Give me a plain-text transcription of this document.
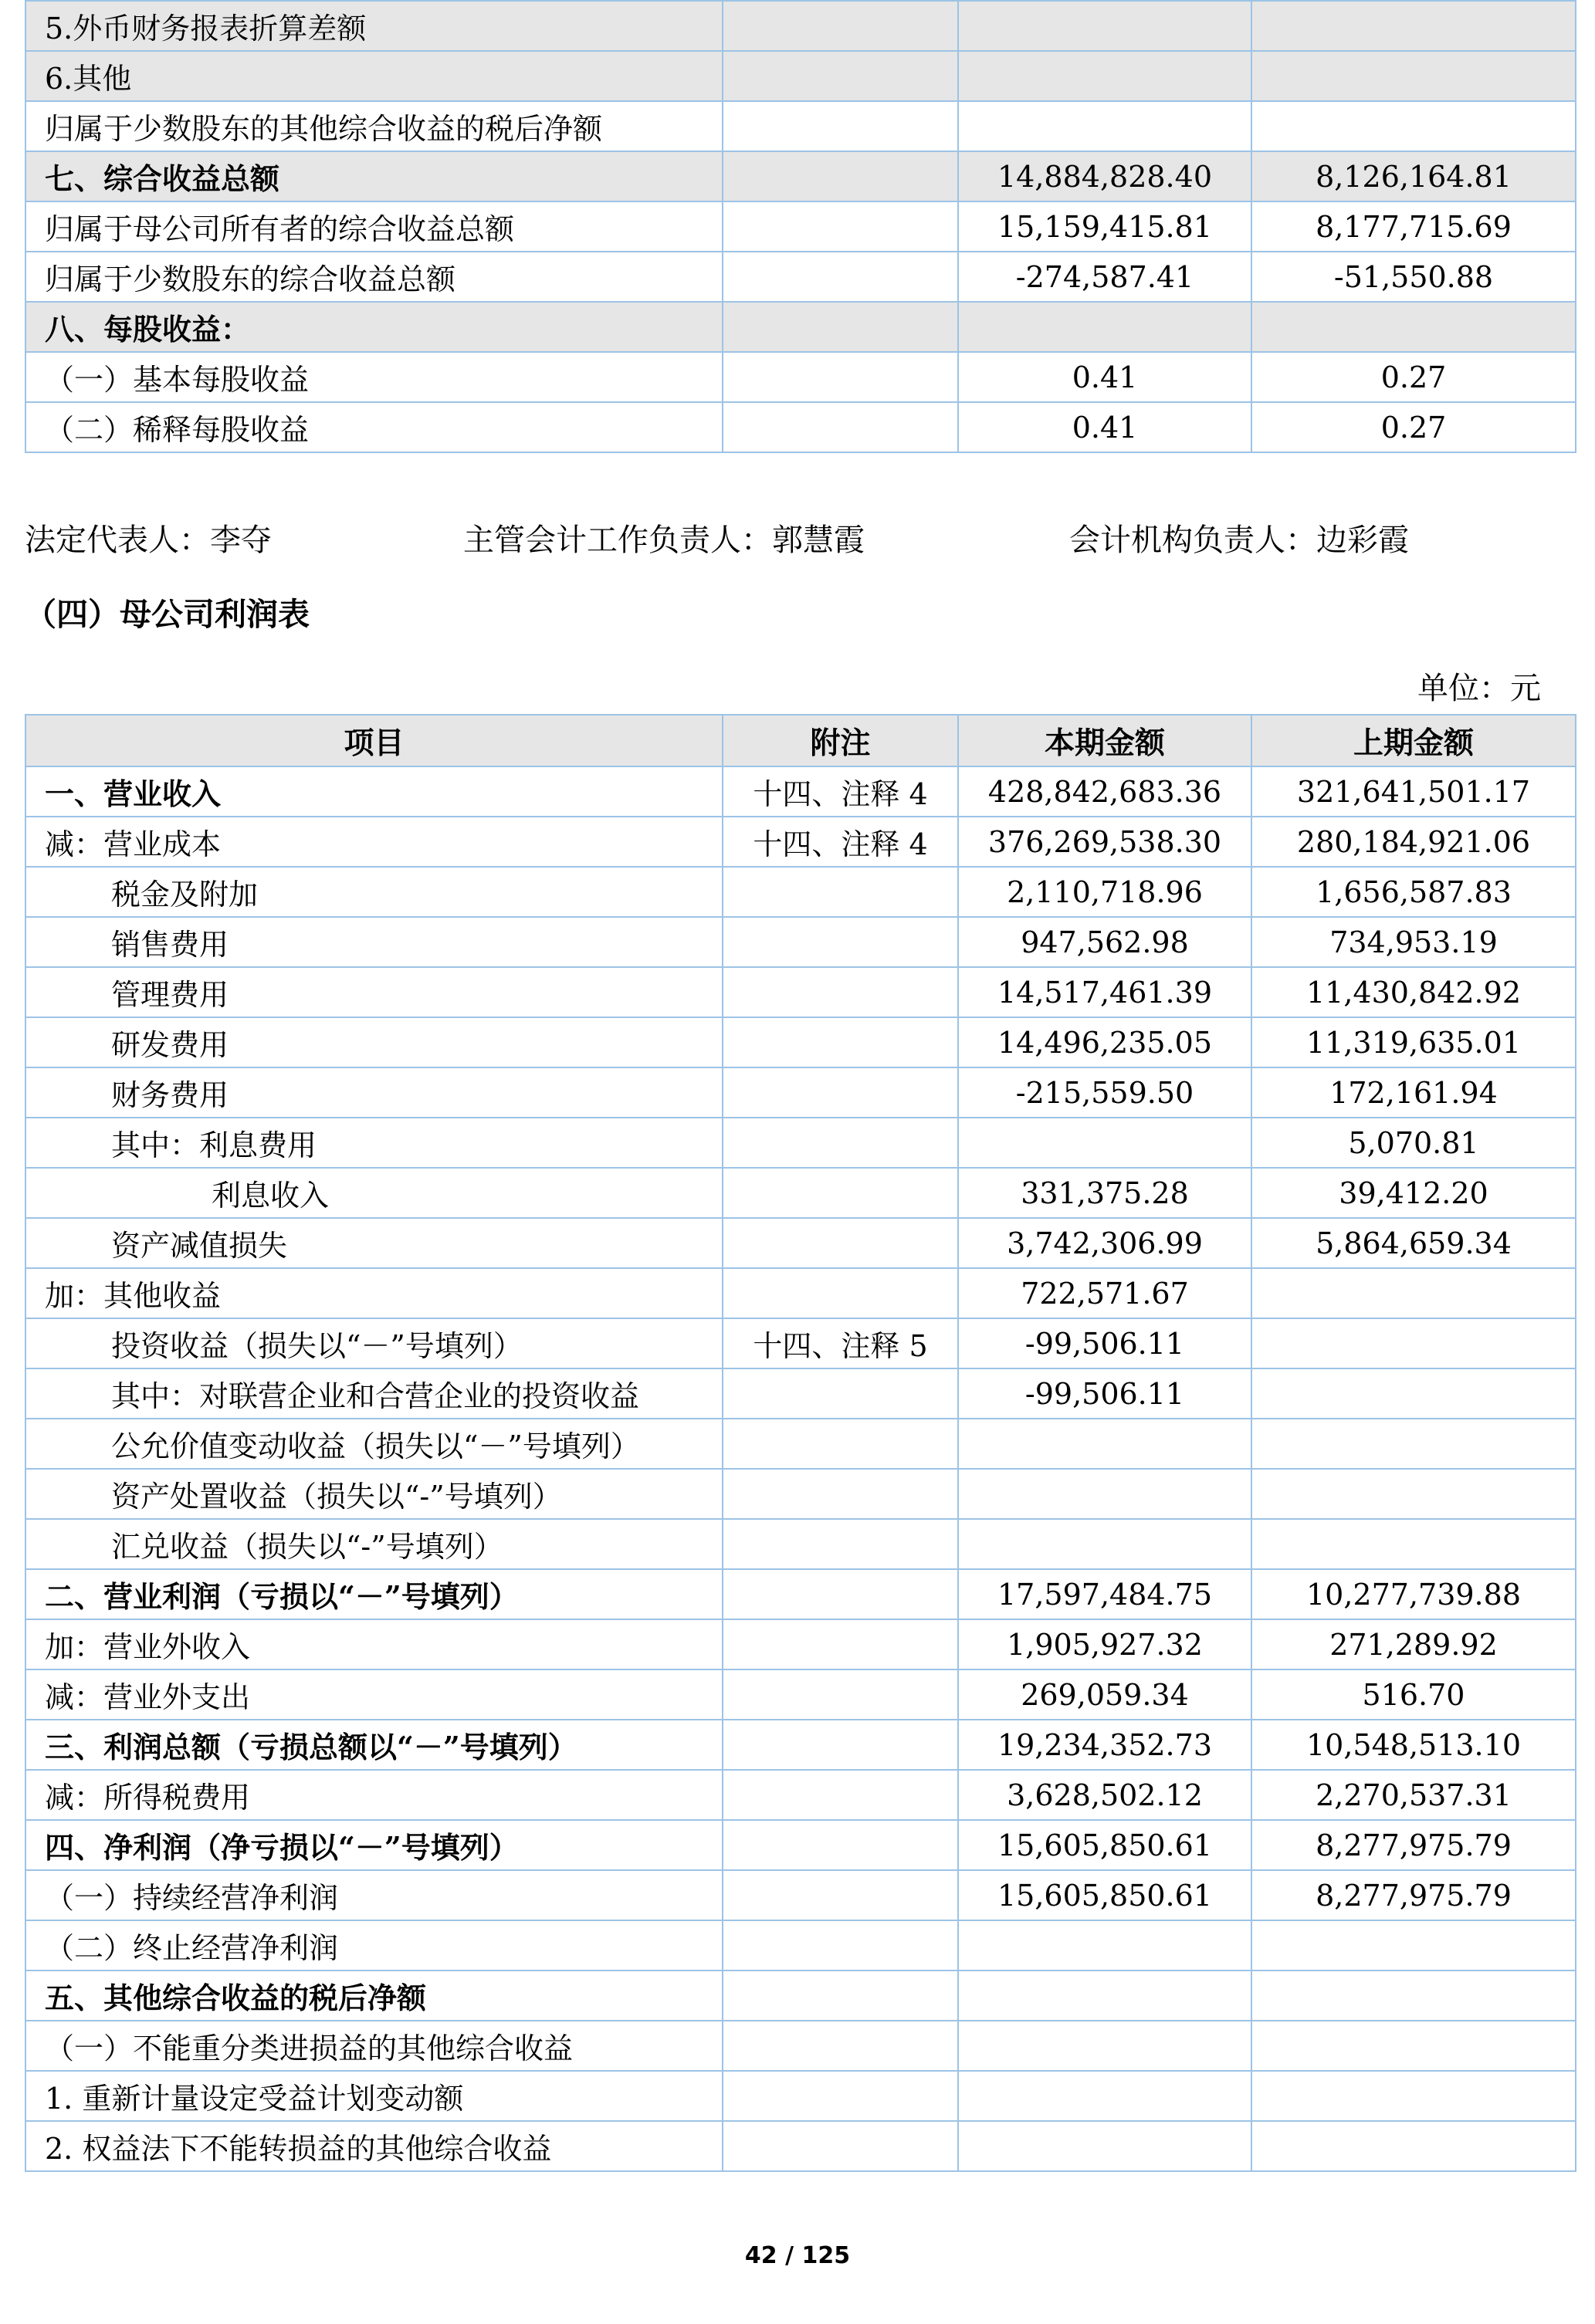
5.外币财务报表折算差额			
6.其他			
归属于少数股东的其他综合收益的税后净额			
七、综合收益总额		14,884,828.40	8,126,164.81
归属于母公司所有者的综合收益总额		15,159,415.81	8,177,715.69
归属于少数股东的综合收益总额		-274,587.41	-51,550.88
八、每股收益：			
（一）基本每股收益		0.41	0.27
（二）稀释每股收益		0.41	0.27
法定代表人：李夺	主管会计工作负责人：郭慧霞	会计机构负责人：边彩霞
（四）母公司利润表
单位：元
项目	附注	本期金额	上期金额
一、营业收入	十四、注释 4	428,842,683.36	321,641,501.17
减：营业成本	十四、注释 4	376,269,538.30	280,184,921.06
税金及附加		2,110,718.96	1,656,587.83
销售费用		947,562.98	734,953.19
管理费用		14,517,461.39	11,430,842.92
研发费用		14,496,235.05	11,319,635.01
财务费用		-215,559.50	172,161.94
其中：利息费用			5,070.81
利息收入		331,375.28	39,412.20
资产减值损失		3,742,306.99	5,864,659.34
加：其他收益		722,571.67	
投资收益（损失以“－”号填列）	十四、注释 5	-99,506.11	
其中：对联营企业和合营企业的投资收益		-99,506.11	
公允价值变动收益（损失以“－”号填列）			
资产处置收益（损失以“-”号填列）			
汇兑收益（损失以“-”号填列）			
二、营业利润（亏损以“－”号填列）		17,597,484.75	10,277,739.88
加：营业外收入		1,905,927.32	271,289.92
减：营业外支出		269,059.34	516.70
三、利润总额（亏损总额以“－”号填列）		19,234,352.73	10,548,513.10
减：所得税费用		3,628,502.12	2,270,537.31
四、净利润（净亏损以“－”号填列）		15,605,850.61	8,277,975.79
（一）持续经营净利润		15,605,850.61	8,277,975.79
（二）终止经营净利润			
五、其他综合收益的税后净额			
（一）不能重分类进损益的其他综合收益			
1. 重新计量设定受益计划变动额			
2. 权益法下不能转损益的其他综合收益			
42 / 125
